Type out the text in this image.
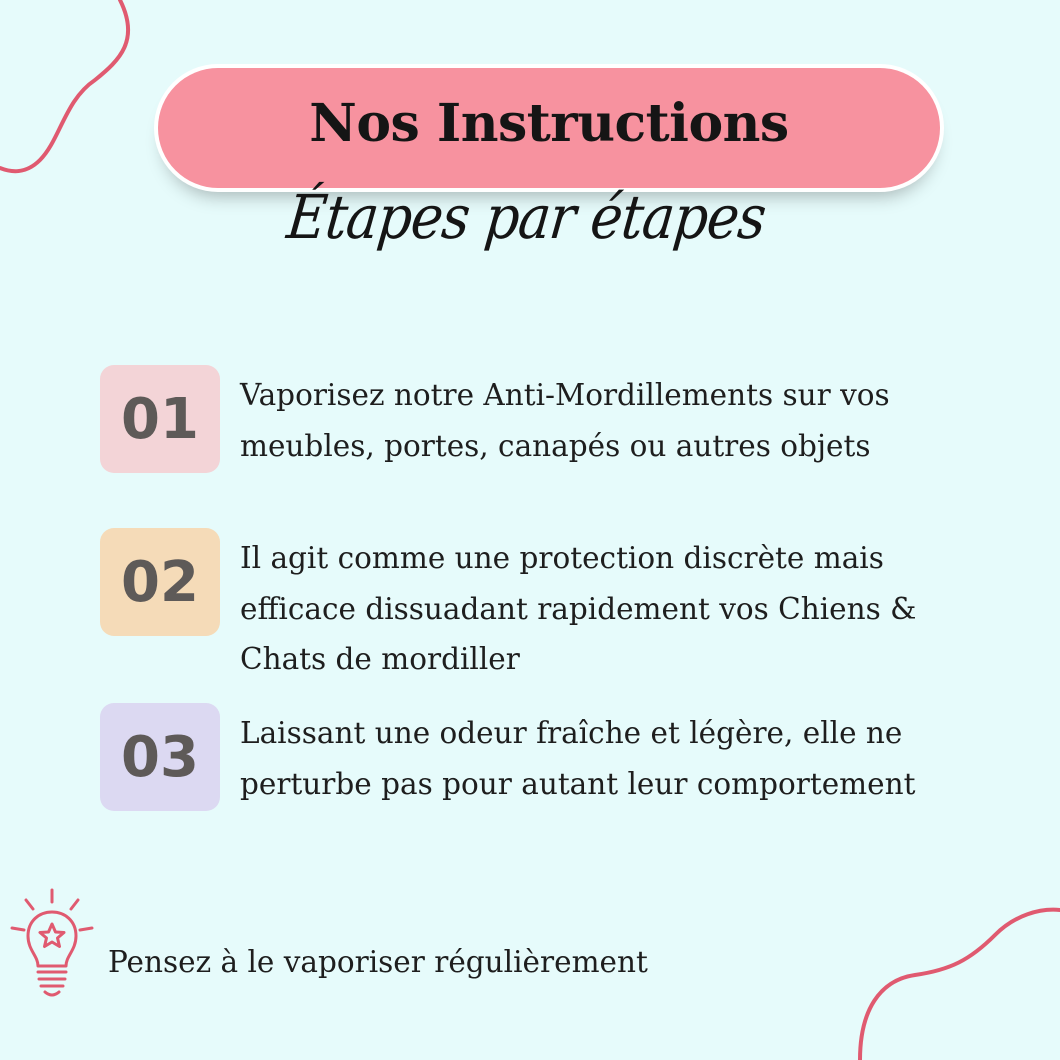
Nos Instructions
Étapes par étapes
01	Vaporisez notre Anti-Mordillements sur vos
meubles, portes, canapés ou autres objets
02	Il agit comme une protection discrète mais
efficace dissuadant rapidement vos Chiens &
Chats de mordiller
03	Laissant une odeur fraîche et légère, elle ne
perturbe pas pour autant leur comportement
Pensez à le vaporiser régulièrement
